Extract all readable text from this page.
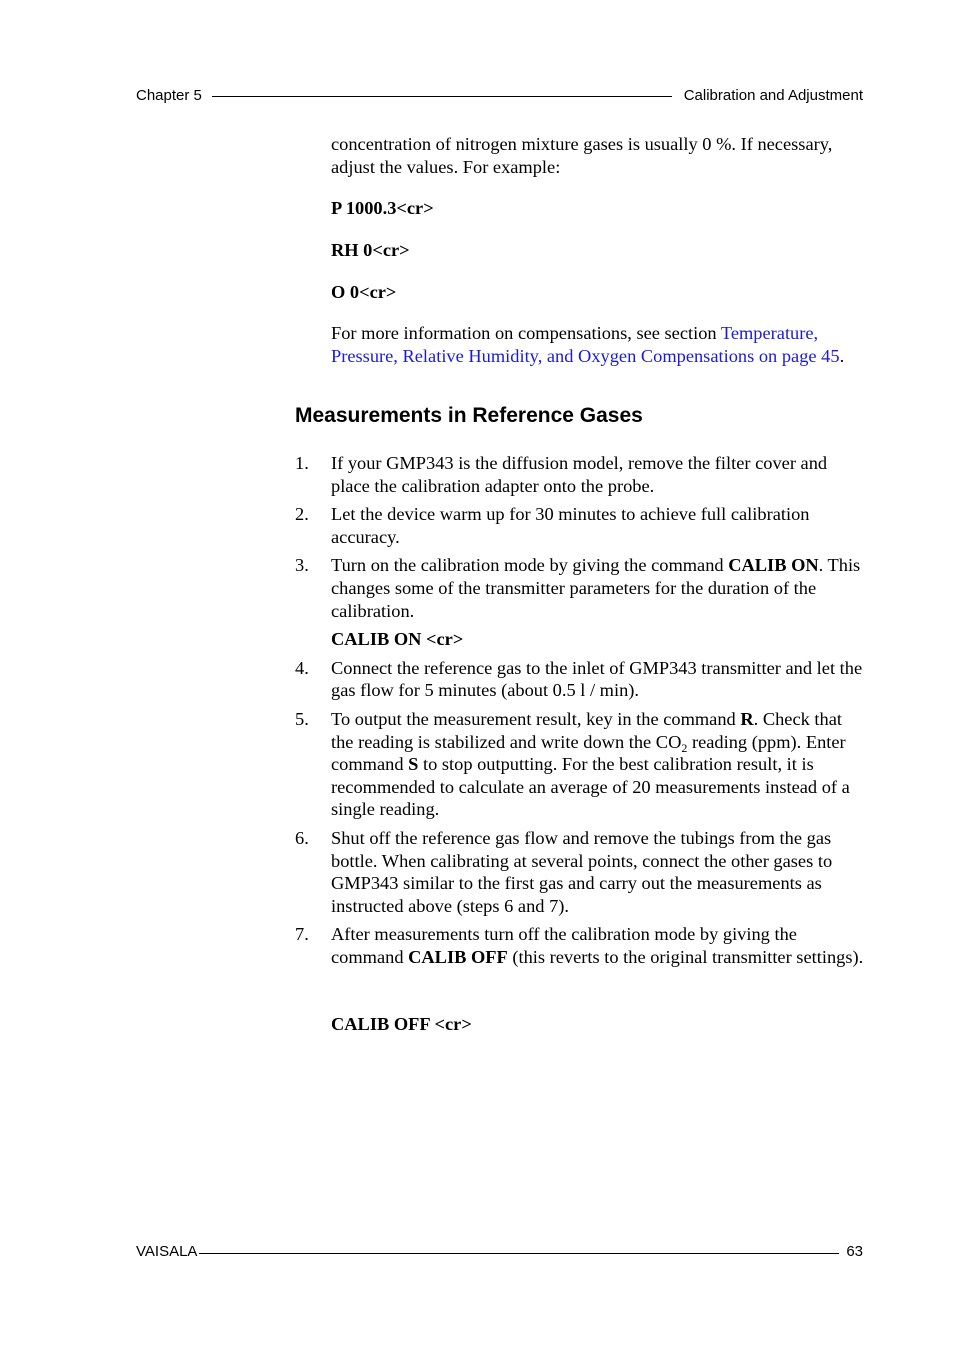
Chapter 5	Calibration and Adjustment

concentration of nitrogen mixture gases is usually 0 %. If necessary, adjust the values. For example:

P 1000.3<cr>
RH 0<cr>
O 0<cr>
For more information on compensations, see section Temperature, Pressure, Relative Humidity, and Oxygen Compensations on page 45.
Measurements in Reference Gases
1. If your GMP343 is the diffusion model, remove the filter cover and place the calibration adapter onto the probe.
2. Let the device warm up for 30 minutes to achieve full calibration accuracy.
3. Turn on the calibration mode by giving the command CALIB ON. This changes some of the transmitter parameters for the duration of the calibration.
CALIB ON <cr>
4. Connect the reference gas to the inlet of GMP343 transmitter and let the gas flow for 5 minutes (about 0.5 l / min).
5. To output the measurement result, key in the command R. Check that the reading is stabilized and write down the $CO_2$ reading (ppm). Enter command S to stop outputting. For the best calibration result, it is recommended to calculate an average of 20 measurements instead of a single reading.
6. Shut off the reference gas flow and remove the tubings from the gas bottle. When calibrating at several points, connect the other gases to GMP343 similar to the first gas and carry out the measurements as instructed above (steps 6 and 7).
7. After measurements turn off the calibration mode by giving the command CALIB OFF (this reverts to the original transmitter settings).
CALIB OFF <cr>
VAISALA	63
